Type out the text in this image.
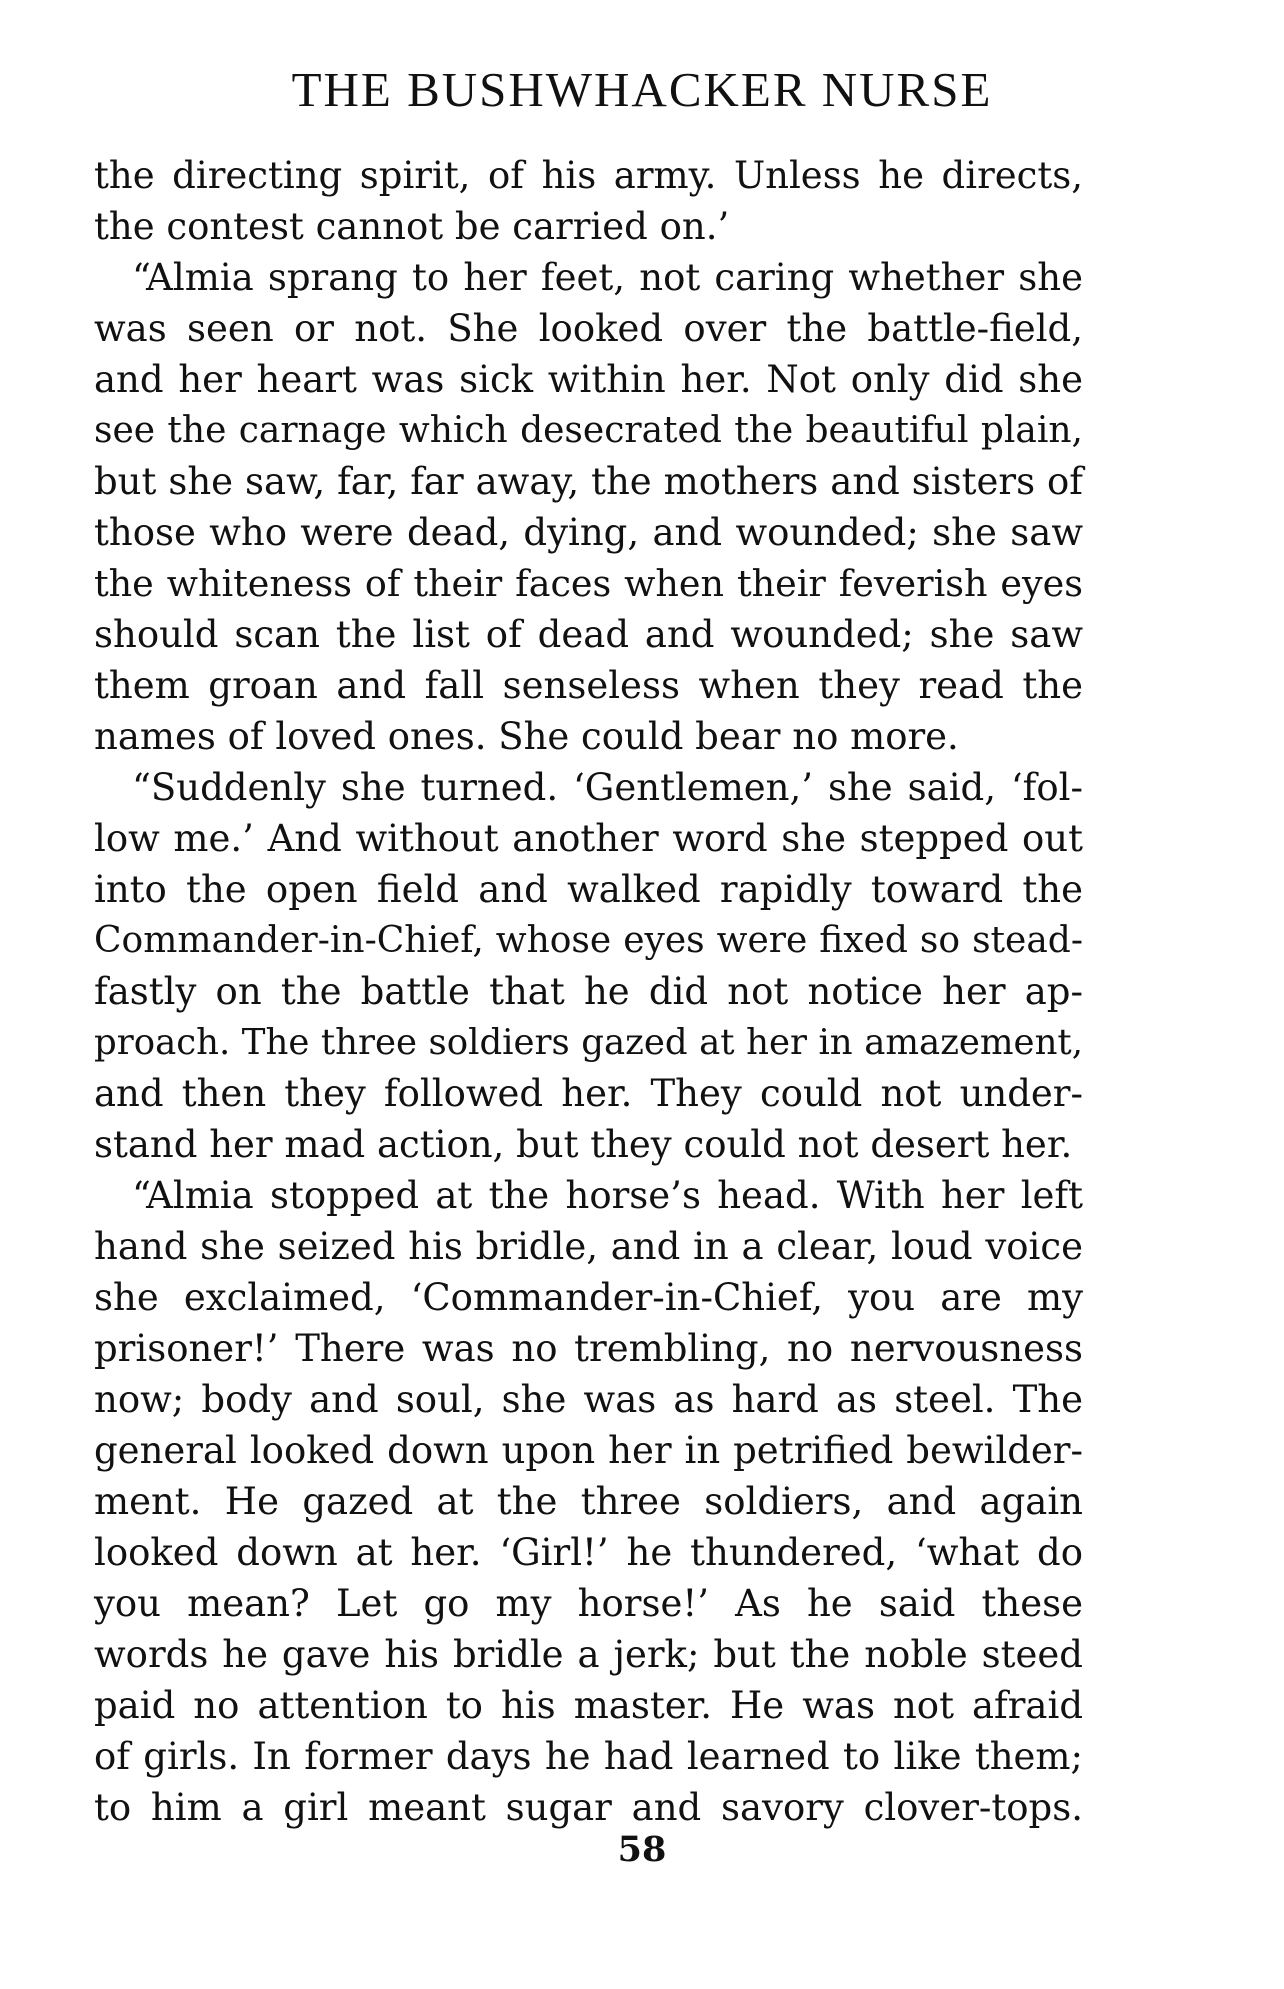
THE BUSHWHACKER NURSE
the directing spirit, of his army. Unless he directs,
the contest cannot be carried on.’
“Almia sprang to her feet, not caring whether she
was seen or not. She looked over the battle-field,
and her heart was sick within her. Not only did she
see the carnage which desecrated the beautiful plain,
but she saw, far, far away, the mothers and sisters of
those who were dead, dying, and wounded; she saw
the whiteness of their faces when their feverish eyes
should scan the list of dead and wounded; she saw
them groan and fall senseless when they read the
names of loved ones. She could bear no more.
“Suddenly she turned. ‘Gentlemen,’ she said, ‘fol-
low me.’ And without another word she stepped out
into the open field and walked rapidly toward the
Commander-in-Chief, whose eyes were fixed so stead-
fastly on the battle that he did not notice her ap-
proach. The three soldiers gazed at her in amazement,
and then they followed her. They could not under-
stand her mad action, but they could not desert her.
“Almia stopped at the horse’s head. With her left
hand she seized his bridle, and in a clear, loud voice
she exclaimed, ‘Commander-in-Chief, you are my
prisoner!’ There was no trembling, no nervousness
now; body and soul, she was as hard as steel. The
general looked down upon her in petrified bewilder-
ment. He gazed at the three soldiers, and again
looked down at her. ‘Girl!’ he thundered, ‘what do
you mean? Let go my horse!’ As he said these
words he gave his bridle a jerk; but the noble steed
paid no attention to his master. He was not afraid
of girls. In former days he had learned to like them;
to him a girl meant sugar and savory clover-tops.
58
